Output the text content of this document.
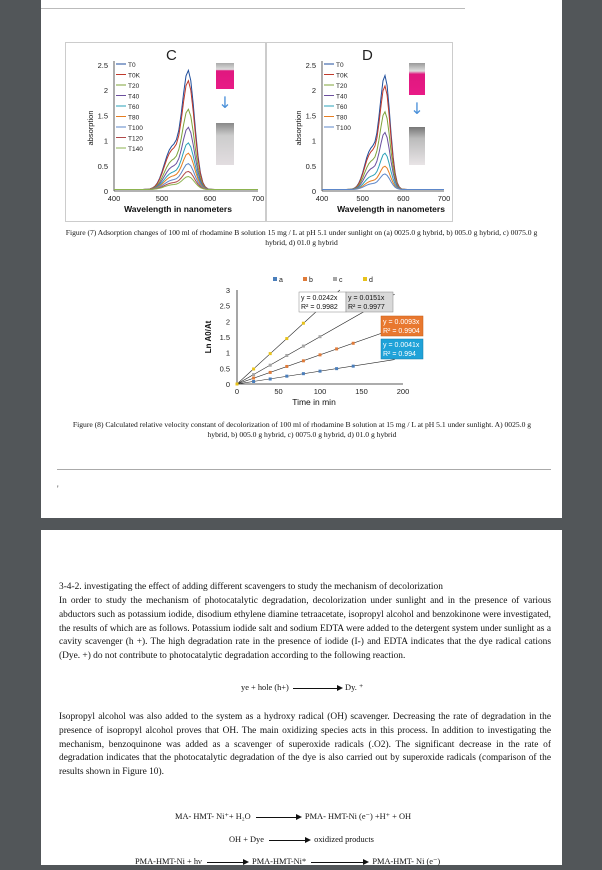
2.5
2
1.5
1
0.5
0
400	500	600	700
Wavelength in nanometers
absorption
C
T0
T0K
T20
T40
T60
T80
T100
T120
T140
↓
2.5
2
1.5
1
0.5
0
400	500	600	700
Wavelength in nanometers
absorption
D
T0
T0K
T20
T40
T60
T80
T100
↓
Figure (7) Adsorption changes of 100 ml of rhodamine B solution 15 mg / L at pH 5.1 under sunlight on (a) 0025.0 g hybrid, b) 005.0 g hybrid, c) 0075.0 g hybrid, d) 01.0 g hybrid
0
0.5
1
1.5
2
2.5
3
0	50	100	150	200
Time in min
Ln A0/At
a	b	c	d
y = 0.0242x
R² = 0.9982
y = 0.0151x
R² = 0.9977
y = 0.0093x
R² = 0.9904
y = 0.0041x
R² = 0.994
Figure (8) Calculated relative velocity constant of decolorization of 100 ml of rhodamine B solution at 15 mg / L at pH 5.1 under sunlight. A) 0025.0 g hybrid, b) 005.0 g hybrid, c) 0075.0 g hybrid, d) 01.0 g hybrid
'
3-4-2. investigating the effect of adding different scavengers to study the mechanism of decolorization
In order to study the mechanism of photocatalytic degradation, decolorization under sunlight and in the presence of various abductors such as potassium iodide, disodium ethylene diamine tetraacetate, isopropyl alcohol and benzokinone were investigated, the results of which are as follows. Potassium iodide salt and sodium EDTA were added to the detergent system under sunlight as a cavity scavenger (h +). The high degradation rate in the presence of iodide (I-) and EDTA indicates that the dye radical cations (Dye. +) do not contribute to photocatalytic degradation according to the following reaction.
ye + hole (h+)	Dy. ⁺
Isopropyl alcohol was also added to the system as a hydroxy radical (OH) scavenger. Decreasing the rate of degradation in the presence of isopropyl alcohol proves that OH. The main oxidizing species acts in this process. In addition to investigating the mechanism, benzoquinone was added as a scavenger of superoxide radicals (.O2). The significant decrease in the rate of degradation indicates that the photocatalytic degradation of the dye is also carried out by superoxide radicals (comparison of the results shown in Figure 10).
MA- HMT- Ni⁺+ H₂O	PMA- HMT-Ni (e⁻) +H⁺ + OH
OH + Dye	oxidized products
PMA-HMT-Ni + hν	PMA-HMT-Ni*	PMA-HMT- Ni (e⁻)
